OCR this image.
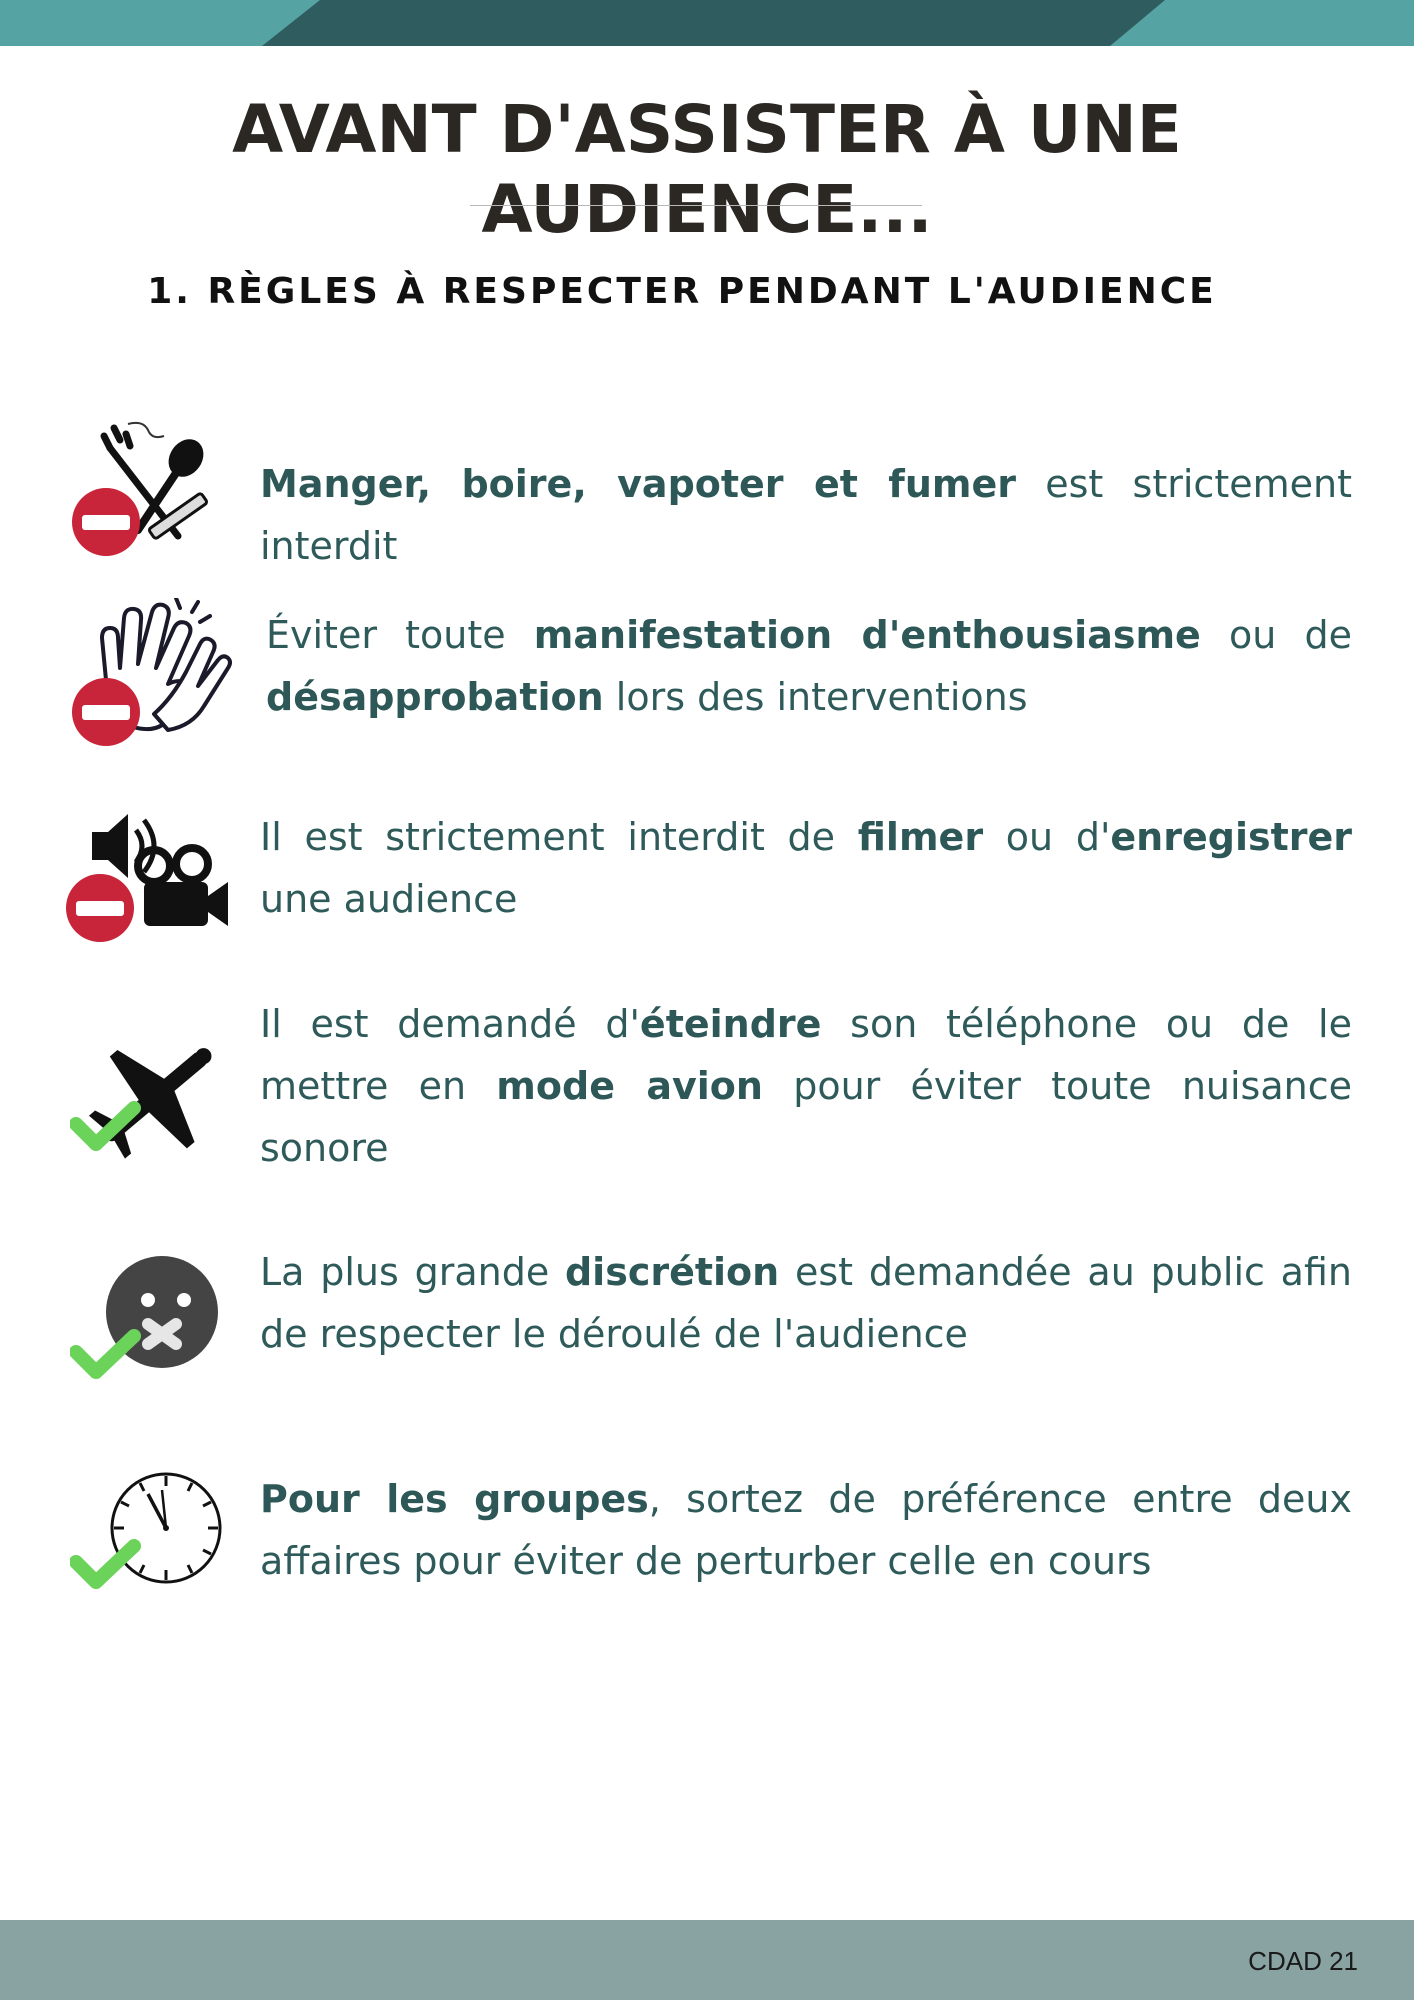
AVANT D'ASSISTER À UNE AUDIENCE...
1. RÈGLES À RESPECTER PENDANT L'AUDIENCE
Manger, boire, vapoter et fumer est strictement interdit
Éviter toute manifestation d'enthousiasme ou de désapprobation lors des interventions
Il est strictement interdit de filmer ou d'enregistrer une audience
Il est demandé d'éteindre son téléphone ou de le mettre en mode avion pour éviter toute nuisance sonore
La plus grande discrétion est demandée au public afin de respecter le déroulé de l'audience
Pour les groupes, sortez de préférence entre deux affaires pour éviter de perturber celle en cours
CDAD 21
